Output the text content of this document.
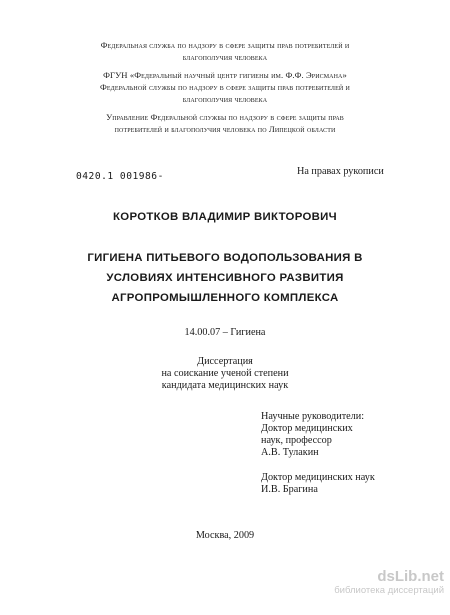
Федеральная служба по надзору в сфере защиты прав потребителей и
благополучия человека
ФГУН «Федеральный научный центр гигиены им. Ф.Ф. Эрисмана»
Федеральной службы по надзору в сфере защиты прав потребителей и
благополучия человека
Управление Федеральной службы по надзору в сфере защиты прав
потребителей и благополучия человека по Липецкой области
0420.1 001986-	На правах рукописи
КОРОТКОВ ВЛАДИМИР ВИКТОРОВИЧ
ГИГИЕНА ПИТЬЕВОГО ВОДОПОЛЬЗОВАНИЯ В
УСЛОВИЯХ ИНТЕНСИВНОГО РАЗВИТИЯ
АГРОПРОМЫШЛЕННОГО КОМПЛЕКСА
14.00.07 – Гигиена
Диссертация
на соискание ученой степени
кандидата медицинских наук
Научные руководители:
Доктор медицинских
наук, профессор
А.В. Тулакин
Доктор медицинских наук
И.В. Брагина
Москва, 2009
dsLib.net
библиотека диссертаций
